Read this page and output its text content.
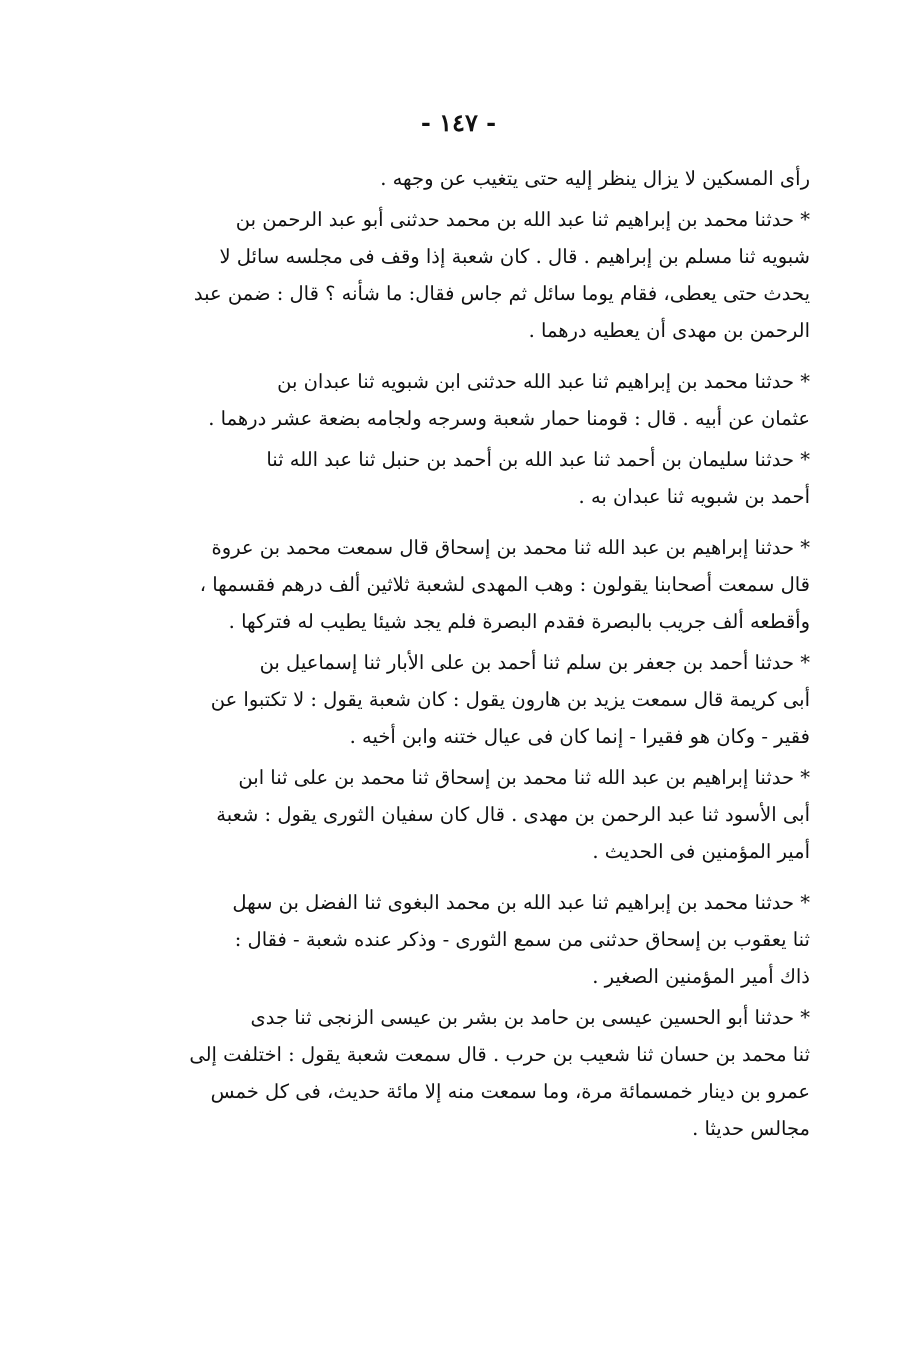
- ١٤٧ -
رأى المسكين لا يزال ينظر إليه حتى يتغيب عن وجهه .
* حدثنا محمد بن إبراهيم ثنا عبد الله بن محمد حدثنى أبو عبد الرحمن بن
شبويه ثنا مسلم بن إبراهيم . قال . كان شعبة إذا وقف فى مجلسه سائل لا
يحدث حتى يعطى، فقام يوما سائل ثم جاس فقال: ما شأنه ؟ قال : ضمن عبد
الرحمن بن مهدى أن يعطيه درهما .
* حدثنا محمد بن إبراهيم ثنا عبد الله حدثنى ابن شبويه ثنا عبدان بن
عثمان عن أبيه . قال : قومنا حمار شعبة وسرجه ولجامه بضعة عشر درهما .
* حدثنا سليمان بن أحمد ثنا عبد الله بن أحمد بن حنبل ثنا عبد الله ثنا
أحمد بن شبويه ثنا عبدان به .
* حدثنا إبراهيم بن عبد الله ثنا محمد بن إسحاق قال سمعت محمد بن عروة
قال سمعت أصحابنا يقولون : وهب المهدى لشعبة ثلاثين ألف درهم فقسمها ،
وأقطعه ألف جريب بالبصرة فقدم البصرة فلم يجد شيئا يطيب له فتركها .
* حدثنا أحمد بن جعفر بن سلم ثنا أحمد بن على الأبار ثنا إسماعيل بن
أبى كريمة قال سمعت يزيد بن هارون يقول : كان شعبة يقول : لا تكتبوا عن
فقير - وكان هو فقيرا - إنما كان فى عيال ختنه وابن أخيه .
* حدثنا إبراهيم بن عبد الله ثنا محمد بن إسحاق ثنا محمد بن على ثنا ابن
أبى الأسود ثنا عبد الرحمن بن مهدى . قال كان سفيان الثورى يقول : شعبة
أمير المؤمنين فى الحديث .
* حدثنا محمد بن إبراهيم ثنا عبد الله بن محمد البغوى ثنا الفضل بن سهل
ثنا يعقوب بن إسحاق حدثنى من سمع الثورى - وذكر عنده شعبة - فقال :
ذاك أمير المؤمنين الصغير .
* حدثنا أبو الحسين عيسى بن حامد بن بشر بن عيسى الزنجى ثنا جدى
ثنا محمد بن حسان ثنا شعيب بن حرب . قال سمعت شعبة يقول : اختلفت إلى
عمرو بن دينار خمسمائة مرة، وما سمعت منه إلا مائة حديث، فى كل خمس
مجالس حديثا .
